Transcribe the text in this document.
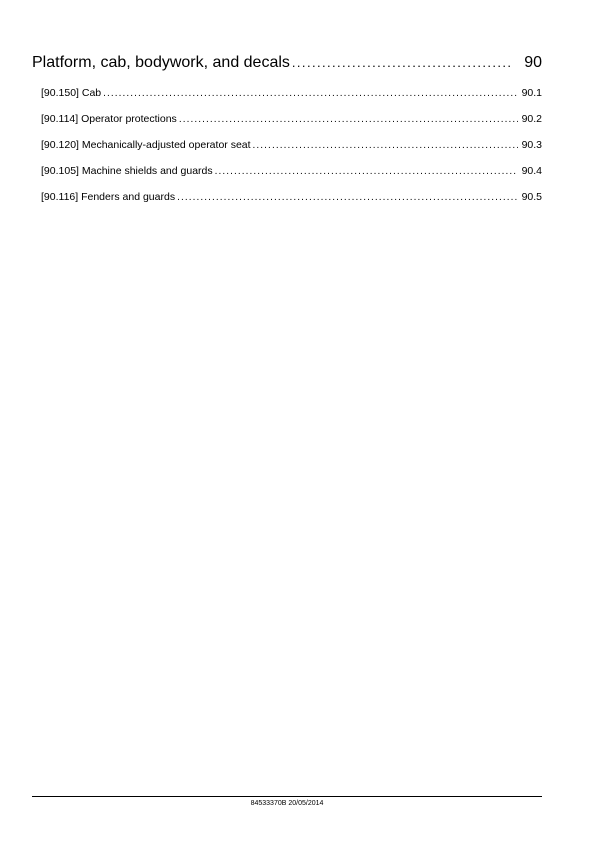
Platform, cab, bodywork, and decals .....	90
[90.150] Cab .....	90.1
[90.114] Operator protections .....	90.2
[90.120] Mechanically-adjusted operator seat .....	90.3
[90.105] Machine shields and guards .....	90.4
[90.116] Fenders and guards .....	90.5
84533370B 20/05/2014
